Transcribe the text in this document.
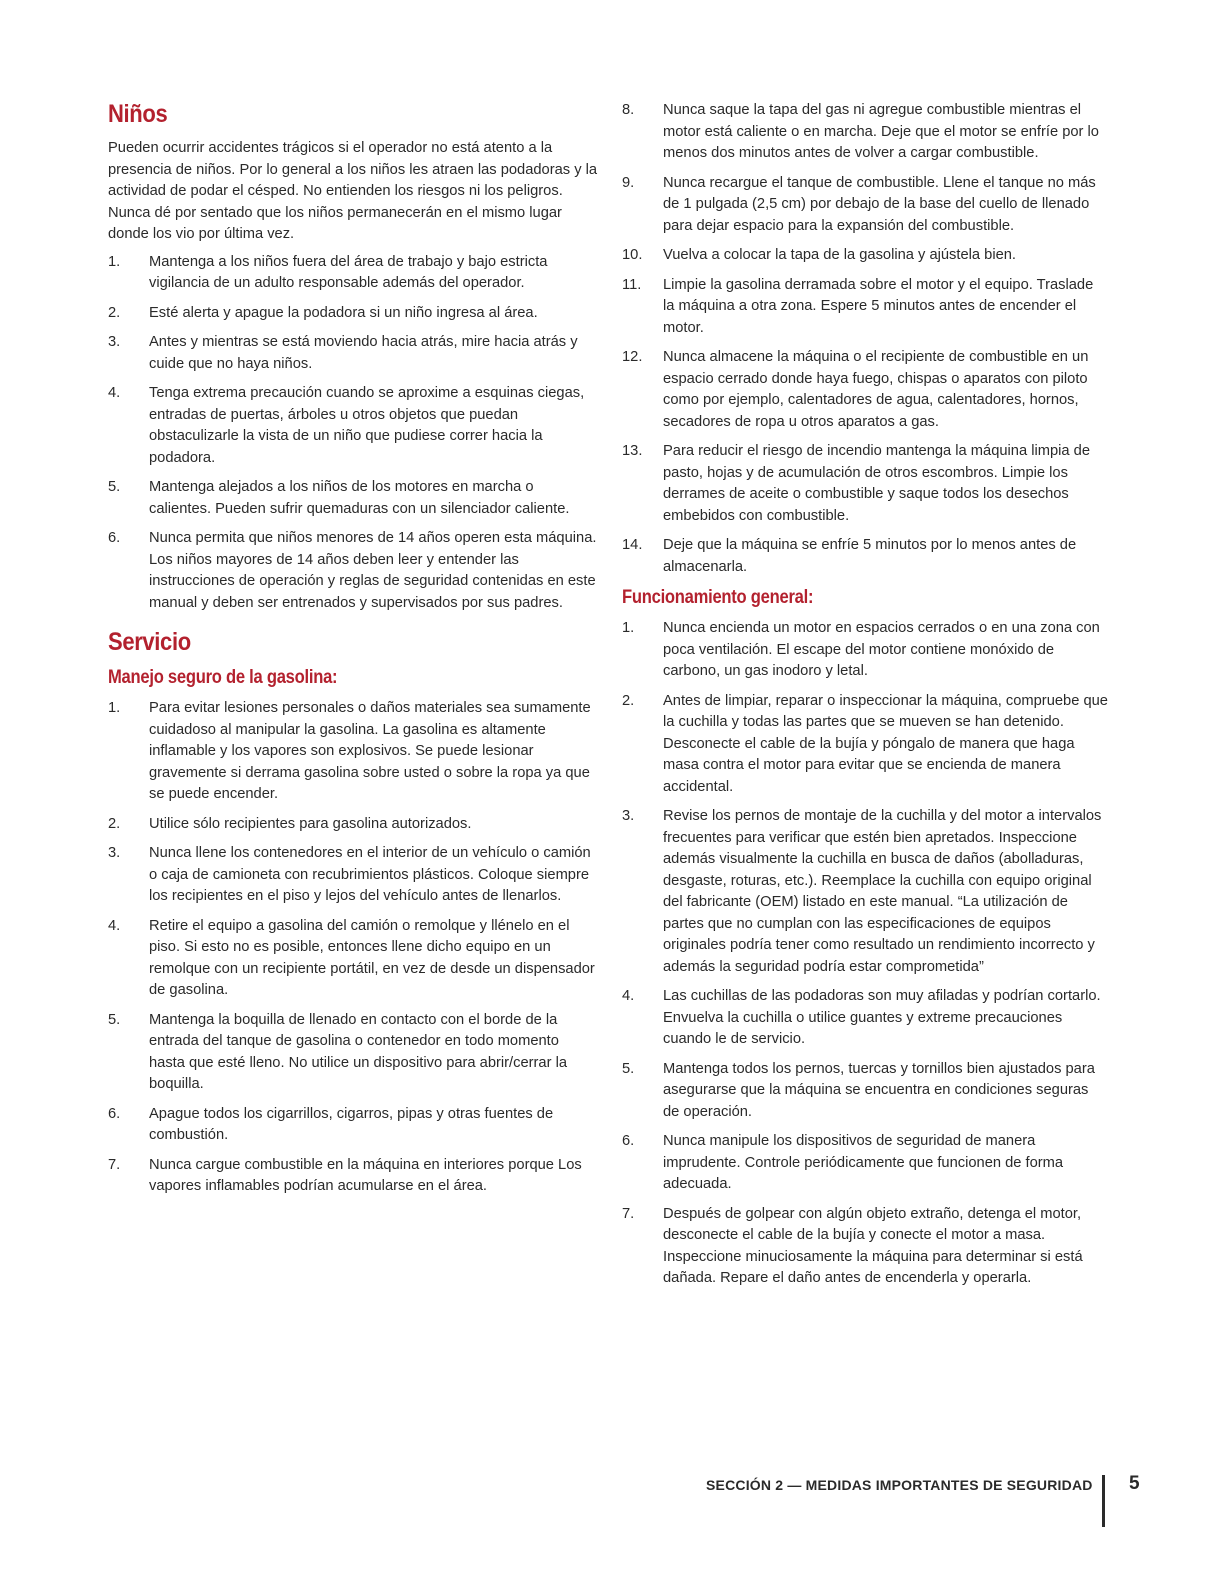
Niños

Pueden ocurrir accidentes trágicos si el operador no está atento a la presencia de niños. Por lo general a los niños les atraen las podadoras y la actividad de podar el césped. No entienden los riesgos ni los peligros. Nunca dé por sentado que los niños permanecerán en el mismo lugar donde los vio por última vez.

1. Mantenga a los niños fuera del área de trabajo y bajo estricta vigilancia de un adulto responsable además del operador.
2. Esté alerta y apague la podadora si un niño ingresa al área.
3. Antes y mientras se está moviendo hacia atrás, mire hacia atrás y cuide que no haya niños.
4. Tenga extrema precaución cuando se aproxime a esquinas ciegas, entradas de puertas, árboles u otros objetos que puedan obstaculizarle la vista de un niño que pudiese correr hacia la podadora.
5. Mantenga alejados a los niños de los motores en marcha o calientes. Pueden sufrir quemaduras con un silenciador caliente.
6. Nunca permita que niños menores de 14 años operen esta máquina. Los niños mayores de 14 años deben leer y entender las instrucciones de operación y reglas de seguridad contenidas en este manual y deben ser entrenados y supervisados por sus padres.
Servicio
Manejo seguro de la gasolina:
1. Para evitar lesiones personales o daños materiales sea sumamente cuidadoso al manipular la gasolina. La gasolina es altamente inflamable y los vapores son explosivos. Se puede lesionar gravemente si derrama gasolina sobre usted o sobre la ropa ya que se puede encender.
2. Utilice sólo recipientes para gasolina autorizados.
3. Nunca llene los contenedores en el interior de un vehículo o camión o caja de camioneta con recubrimientos plásticos. Coloque siempre los recipientes en el piso y lejos del vehículo antes de llenarlos.
4. Retire el equipo a gasolina del camión o remolque y llénelo en el piso. Si esto no es posible, entonces llene dicho equipo en un remolque con un recipiente portátil, en vez de desde un dispensador de gasolina.
5. Mantenga la boquilla de llenado en contacto con el borde de la entrada del tanque de gasolina o contenedor en todo momento hasta que esté lleno. No utilice un dispositivo para abrir/cerrar la boquilla.
6. Apague todos los cigarrillos, cigarros, pipas y otras fuentes de combustión.
7. Nunca cargue combustible en la máquina en interiores porque Los vapores inflamables podrían acumularse en el área.
8. Nunca saque la tapa del gas ni agregue combustible mientras el motor está caliente o en marcha. Deje que el motor se enfríe por lo menos dos minutos antes de volver a cargar combustible.
9. Nunca recargue el tanque de combustible. Llene el tanque no más de 1 pulgada (2,5 cm) por debajo de la base del cuello de llenado para dejar espacio para la expansión del combustible.
10. Vuelva a colocar la tapa de la gasolina y ajústela bien.
11. Limpie la gasolina derramada sobre el motor y el equipo. Traslade la máquina a otra zona. Espere 5 minutos antes de encender el motor.
12. Nunca almacene la máquina o el recipiente de combustible en un espacio cerrado donde haya fuego, chispas o aparatos con piloto como por ejemplo, calentadores de agua, calentadores, hornos, secadores de ropa u otros aparatos a gas.
13. Para reducir el riesgo de incendio mantenga la máquina limpia de pasto, hojas y de acumulación de otros escombros. Limpie los derrames de aceite o combustible y saque todos los desechos embebidos con combustible.
14. Deje que la máquina se enfríe 5 minutos por lo menos antes de almacenarla.
Funcionamiento general:
1. Nunca encienda un motor en espacios cerrados o en una zona con poca ventilación. El escape del motor contiene monóxido de carbono, un gas inodoro y letal.
2. Antes de limpiar, reparar o inspeccionar la máquina, compruebe que la cuchilla y todas las partes que se mueven se han detenido. Desconecte el cable de la bujía y póngalo de manera que haga masa contra el motor para evitar que se encienda de manera accidental.
3. Revise los pernos de montaje de la cuchilla y del motor a intervalos frecuentes para verificar que estén bien apretados. Inspeccione además visualmente la cuchilla en busca de daños (abolladuras, desgaste, roturas, etc.). Reemplace la cuchilla con equipo original del fabricante (OEM) listado en este manual. “La utilización de partes que no cumplan con las especificaciones de equipos originales podría tener como resultado un rendimiento incorrecto y además la seguridad podría estar comprometida”
4. Las cuchillas de las podadoras son muy afiladas y podrían cortarlo. Envuelva la cuchilla o utilice guantes y extreme precauciones cuando le de servicio.
5. Mantenga todos los pernos, tuercas y tornillos bien ajustados para asegurarse que la máquina se encuentra en condiciones seguras de operación.
6. Nunca manipule los dispositivos de seguridad de manera imprudente. Controle periódicamente que funcionen de forma adecuada.
7. Después de golpear con algún objeto extraño, detenga el motor, desconecte el cable de la bujía y conecte el motor a masa. Inspeccione minuciosamente la máquina para determinar si está dañada. Repare el daño antes de encenderla y operarla.
SECCIÓN 2 — MEDIDAS IMPORTANTES DE SEGURIDAD 5
